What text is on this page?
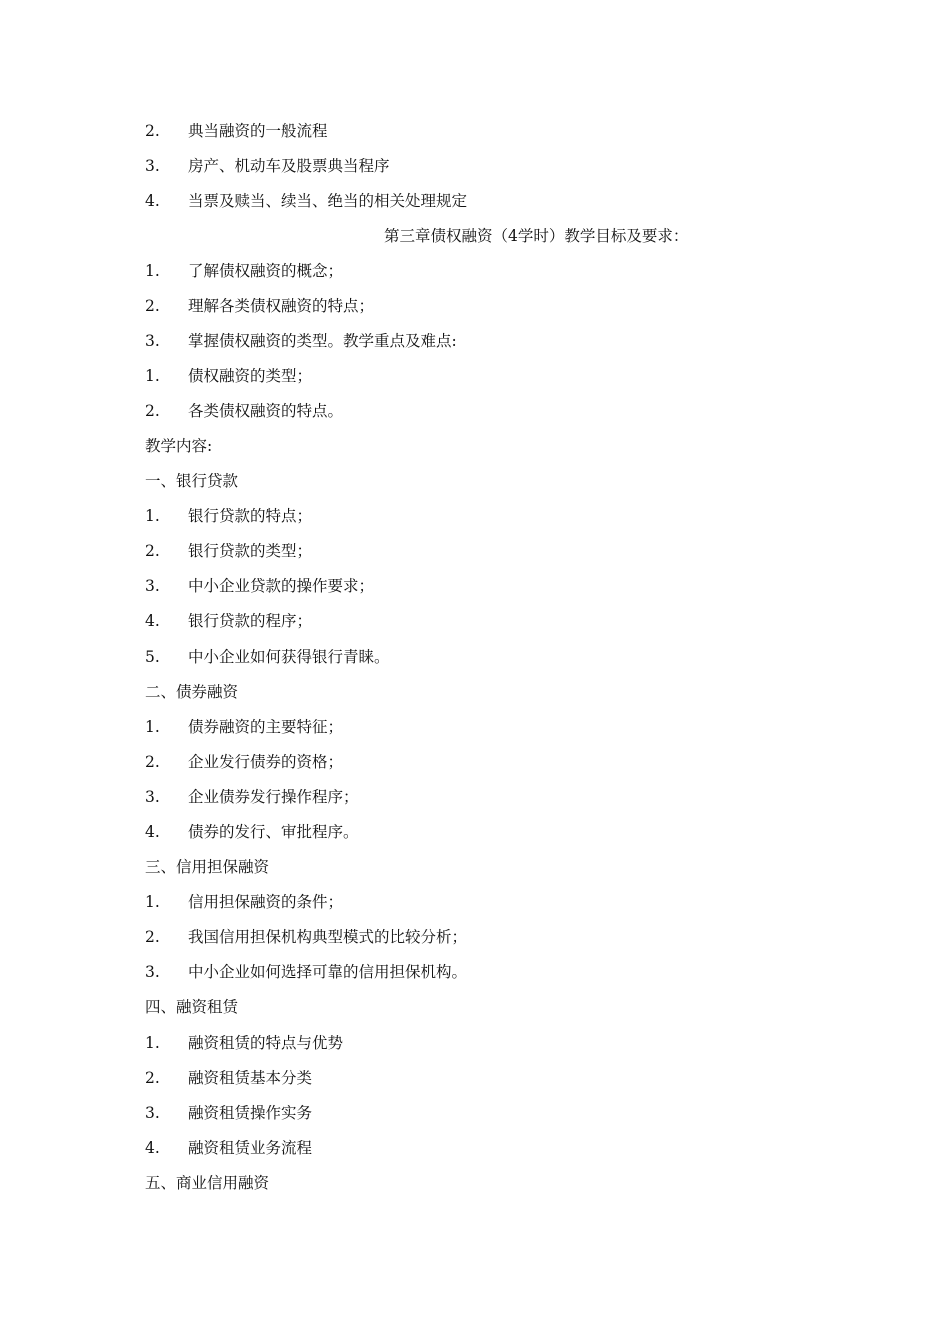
2. 典当融资的一般流程
3. 房产、机动车及股票典当程序
4. 当票及赎当、续当、绝当的相关处理规定
第三章债权融资（4学时）教学目标及要求：
1. 了解债权融资的概念；
2. 理解各类债权融资的特点；
3. 掌握债权融资的类型。教学重点及难点:
1. 债权融资的类型；
2. 各类债权融资的特点。
教学内容:
一、银行贷款
1. 银行贷款的特点；
2. 银行贷款的类型；
3. 中小企业贷款的操作要求；
4. 银行贷款的程序；
5. 中小企业如何获得银行青睐。
二、债券融资
1. 债券融资的主要特征；
2. 企业发行债券的资格；
3. 企业债券发行操作程序；
4. 债券的发行、审批程序。
三、信用担保融资
1. 信用担保融资的条件；
2. 我国信用担保机构典型模式的比较分析；
3. 中小企业如何选择可靠的信用担保机构。
四、融资租赁
1. 融资租赁的特点与优势
2. 融资租赁基本分类
3. 融资租赁操作实务
4. 融资租赁业务流程
五、商业信用融资
